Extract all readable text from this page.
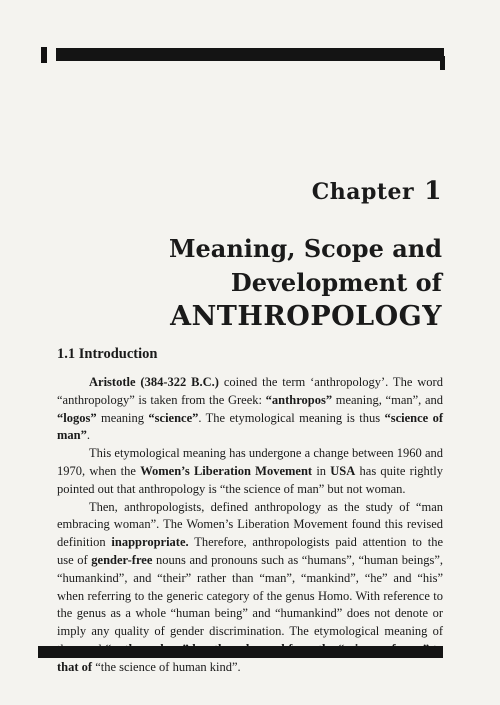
Chapter 1
Meaning, Scope and
Development of
ANTHROPOLOGY
1.1 Introduction

Aristotle (384-322 B.C.) coined the term ‘anthropology’. The word “anthropology” is taken from the Greek: “anthropos” meaning, “man”, and “logos” meaning “science”. The etymological meaning is thus “science of man”.

This etymological meaning has undergone a change between 1960 and 1970, when the Women’s Liberation Movement in USA has quite rightly pointed out that anthropology is “the science of man” but not woman.

Then, anthropologists, defined anthropology as the study of “man embracing woman”. The Women’s Liberation Movement found this revised definition inappropriate. Therefore, anthropologists paid attention to the use of gender-free nouns and pronouns such as “humans”, “human beings”, “humankind”, and “their” rather than “man”, “mankind”, “he” and “his” when referring to the generic category of the genus Homo. With reference to the genus as a whole “human being” and “humankind” does not denote or imply any quality of gender discrimination. The etymological meaning of that of “the science of human kind”.
